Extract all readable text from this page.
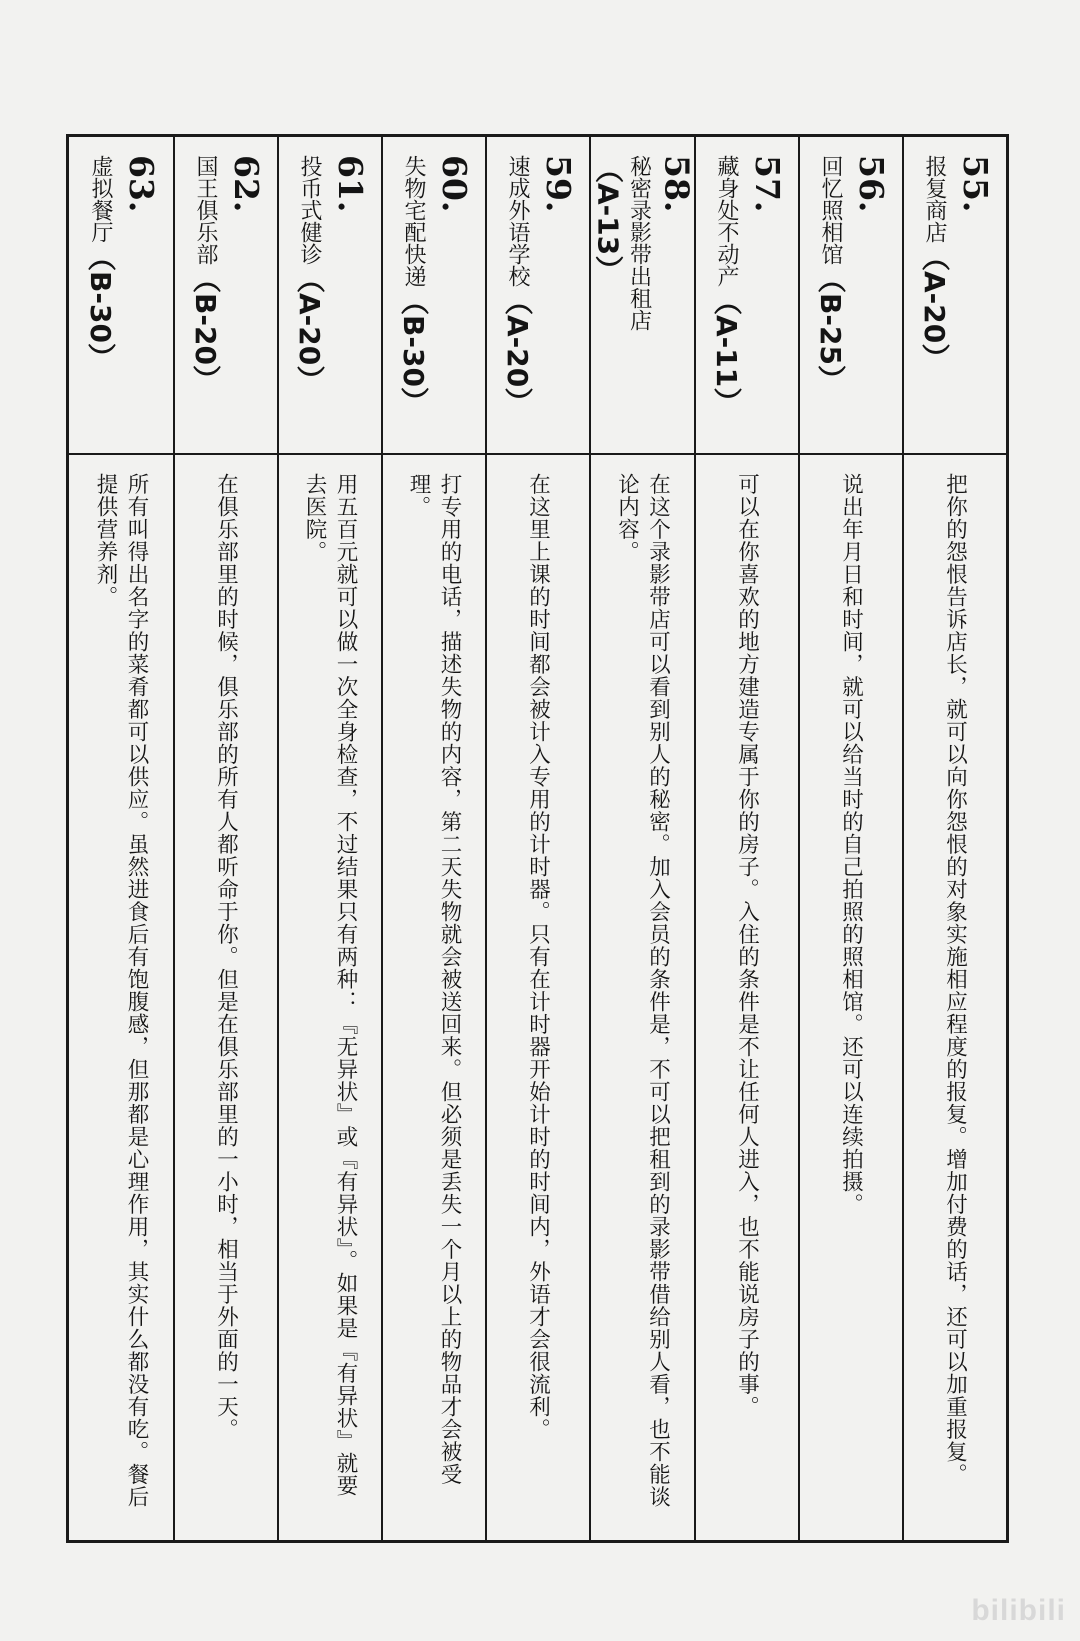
55.
报复商店（A-20）
把你的怨恨告诉店长，就可以向你怨恨的对象实施相应程度的报复。增加付费的话，还可以加重报复。
56.
回忆照相馆（B-25）
说出年月日和时间，就可以给当时的自己拍照的照相馆。还可以连续拍摄。
57.
藏身处不动产（A-11）
可以在你喜欢的地方建造专属于你的房子。入住的条件是不让任何人进入，也不能说房子的事。
58.
秘密录影带出租店（A-13）
在这个录影带店可以看到别人的秘密。加入会员的条件是，不可以把租到的录影带借给别人看，也不能谈论内容。
59.
速成外语学校（A-20）
在这里上课的时间都会被计入专用的计时器。只有在计时器开始计时的时间内，外语才会很流利。
60.
失物宅配快递（B-30）
打专用的电话，描述失物的内容，第二天失物就会被送回来。但必须是丢失一个月以上的物品才会被受理。
61.
投币式健诊（A-20）
用五百元就可以做一次全身检查，不过结果只有两种：『无异状』或『有异状』。如果是『有异状』就要去医院。
62.
国王俱乐部（B-20）
在俱乐部里的时候，俱乐部的所有人都听命于你。但是在俱乐部里的一小时，相当于外面的一天。
63.
虚拟餐厅（B-30）
所有叫得出名字的菜肴都可以供应。虽然进食后有饱腹感，但那都是心理作用，其实什么都没有吃。餐后提供营养剂。
bilibili
